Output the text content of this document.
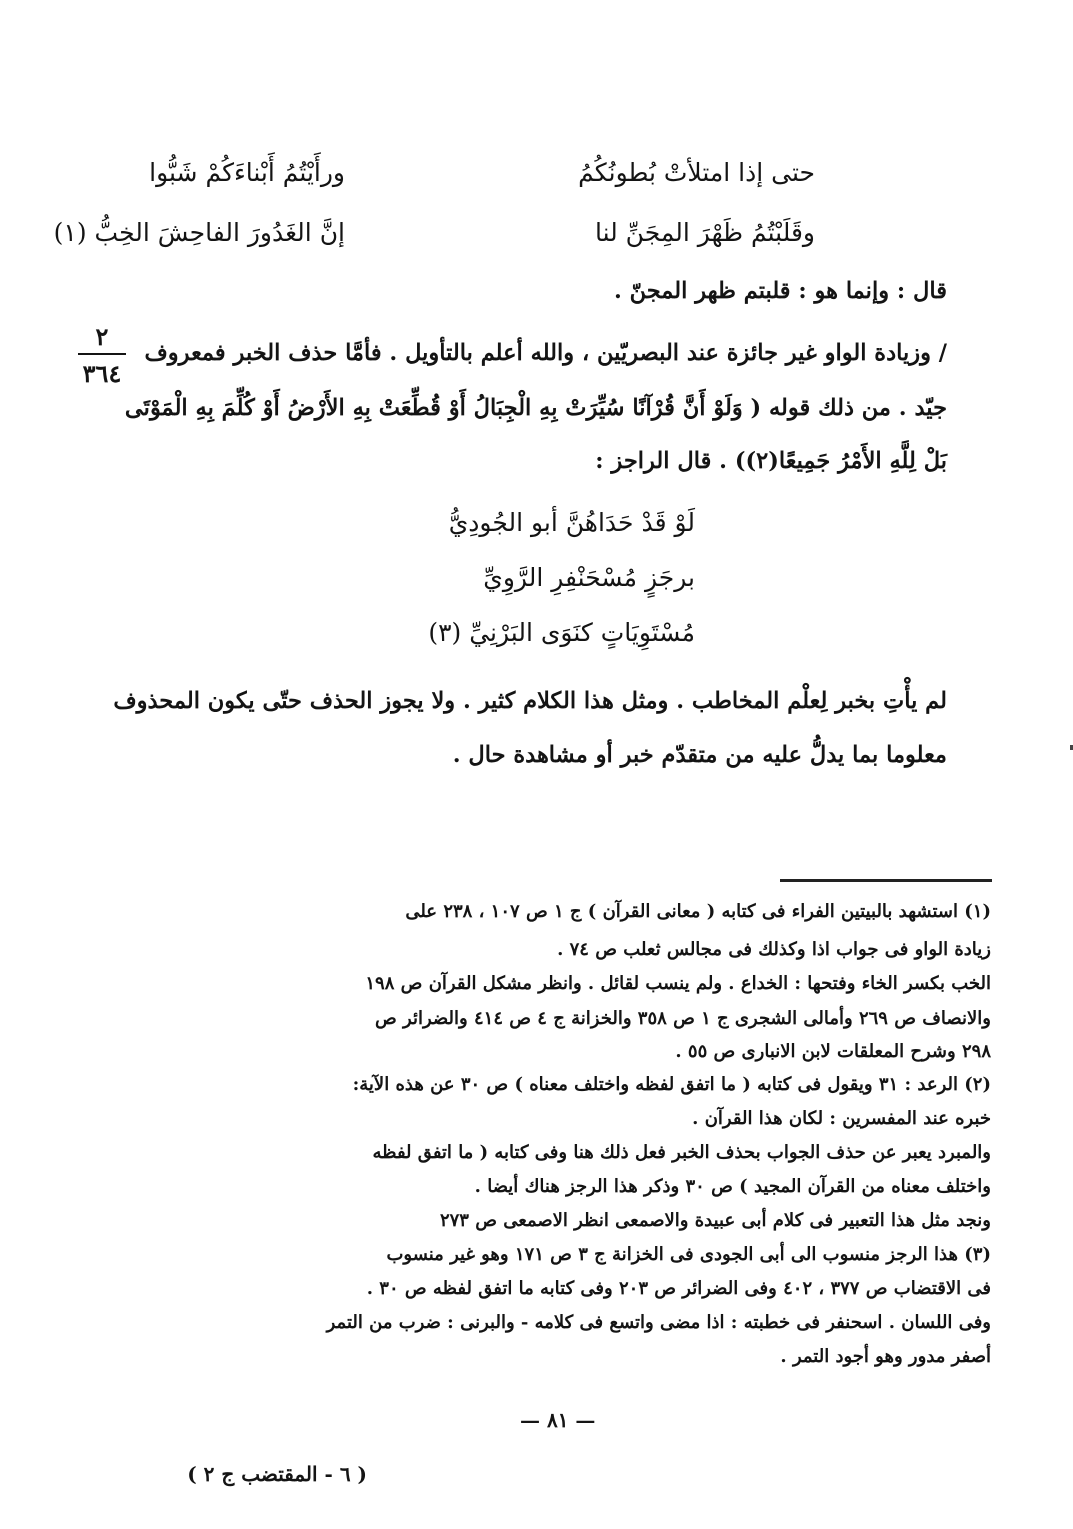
حتى إذا امتلأتْ بُطونُكُمُ
ورأَيْتُمُ أَبْناءَكُمْ شَبُّوا
وقَلَبْتُمُ ظَهْرَ المِجَنِّ لنا
إنَّ الغَدُورَ الفاحِشَ الخِبُّ (١)
قال : وإنما هو : قلبتم ظهر المجنّ .
/ وزيادة الواو غير جائزة عند البصريّين ، والله أعلم بالتأويل . فأمَّا حذف الخبر فمعروف
جيّد . من ذلك قوله ( وَلَوْ أَنَّ قُرْآنًا سُيِّرَتْ بِهِ الْجِبَالُ أَوْ قُطِّعَتْ بِهِ الأَرْضُ أَوْ كُلِّمَ بِهِ الْمَوْتَى
بَلْ لِلَّهِ الأَمْرُ جَمِيعًا(٢)) . قال الراجز :
٢
٣٦٤
لَوْ قَدْ حَدَاهُنَّ أبو الجُودِيُّ
برجَزٍ مُسْحَنْفِرِ الرَّوِيِّ
مُسْتَوِيَاتٍ كنَوَى البَرْنِيِّ (٣)
لم يأْتِ بخبر لِعلْم المخاطب . ومثل هذا الكلام كثير . ولا يجوز الحذف حتّى يكون المحذوف
معلوما بما يدلُّ عليه من متقدّم خبر أو مشاهدة حال .
(١) استشهد بالبيتين الفراء فى كتابه ( معانى القرآن ) ج ١ ص ١٠٧ ، ٢٣٨ على
زيادة الواو فى جواب اذا وكذلك فى مجالس ثعلب ص ٧٤ .
الخب بكسر الخاء وفتحها : الخداع . ولم ينسب لقائل . وانظر مشكل القرآن ص ١٩٨
والانصاف ص ٢٦٩ وأمالى الشجرى ج ١ ص ٣٥٨ والخزانة ج ٤ ص ٤١٤ والضرائر ص
٢٩٨ وشرح المعلقات لابن الانبارى ص ٥٥ .
(٢) الرعد : ٣١ ويقول فى كتابه ( ما اتفق لفظه واختلف معناه ) ص ٣٠ عن هذه الآية:
خبره عند المفسرين : لكان هذا القرآن .
والمبرد يعبر عن حذف الجواب بحذف الخبر فعل ذلك هنا وفى كتابه ( ما اتفق لفظه
واختلف معناه من القرآن المجيد ) ص ٣٠ وذكر هذا الرجز هناك أيضا .
ونجد مثل هذا التعبير فى كلام أبى عبيدة والاصمعى انظر الاصمعى ص ٢٧٣
(٣) هذا الرجز منسوب الى أبى الجودى فى الخزانة ج ٣ ص ١٧١ وهو غير منسوب
فى الاقتضاب ص ٣٧٧ ، ٤٠٢ وفى الضرائر ص ٢٠٣ وفى كتابه ما اتفق لفظه ص ٣٠ .
وفى اللسان . اسحنفر فى خطبته : اذا مضى واتسع فى كلامه - والبرنى : ضرب من التمر
أصفر مدور وهو أجود التمر .
— ٨١ —
( ٦ - المقتضب ج ٢ )
